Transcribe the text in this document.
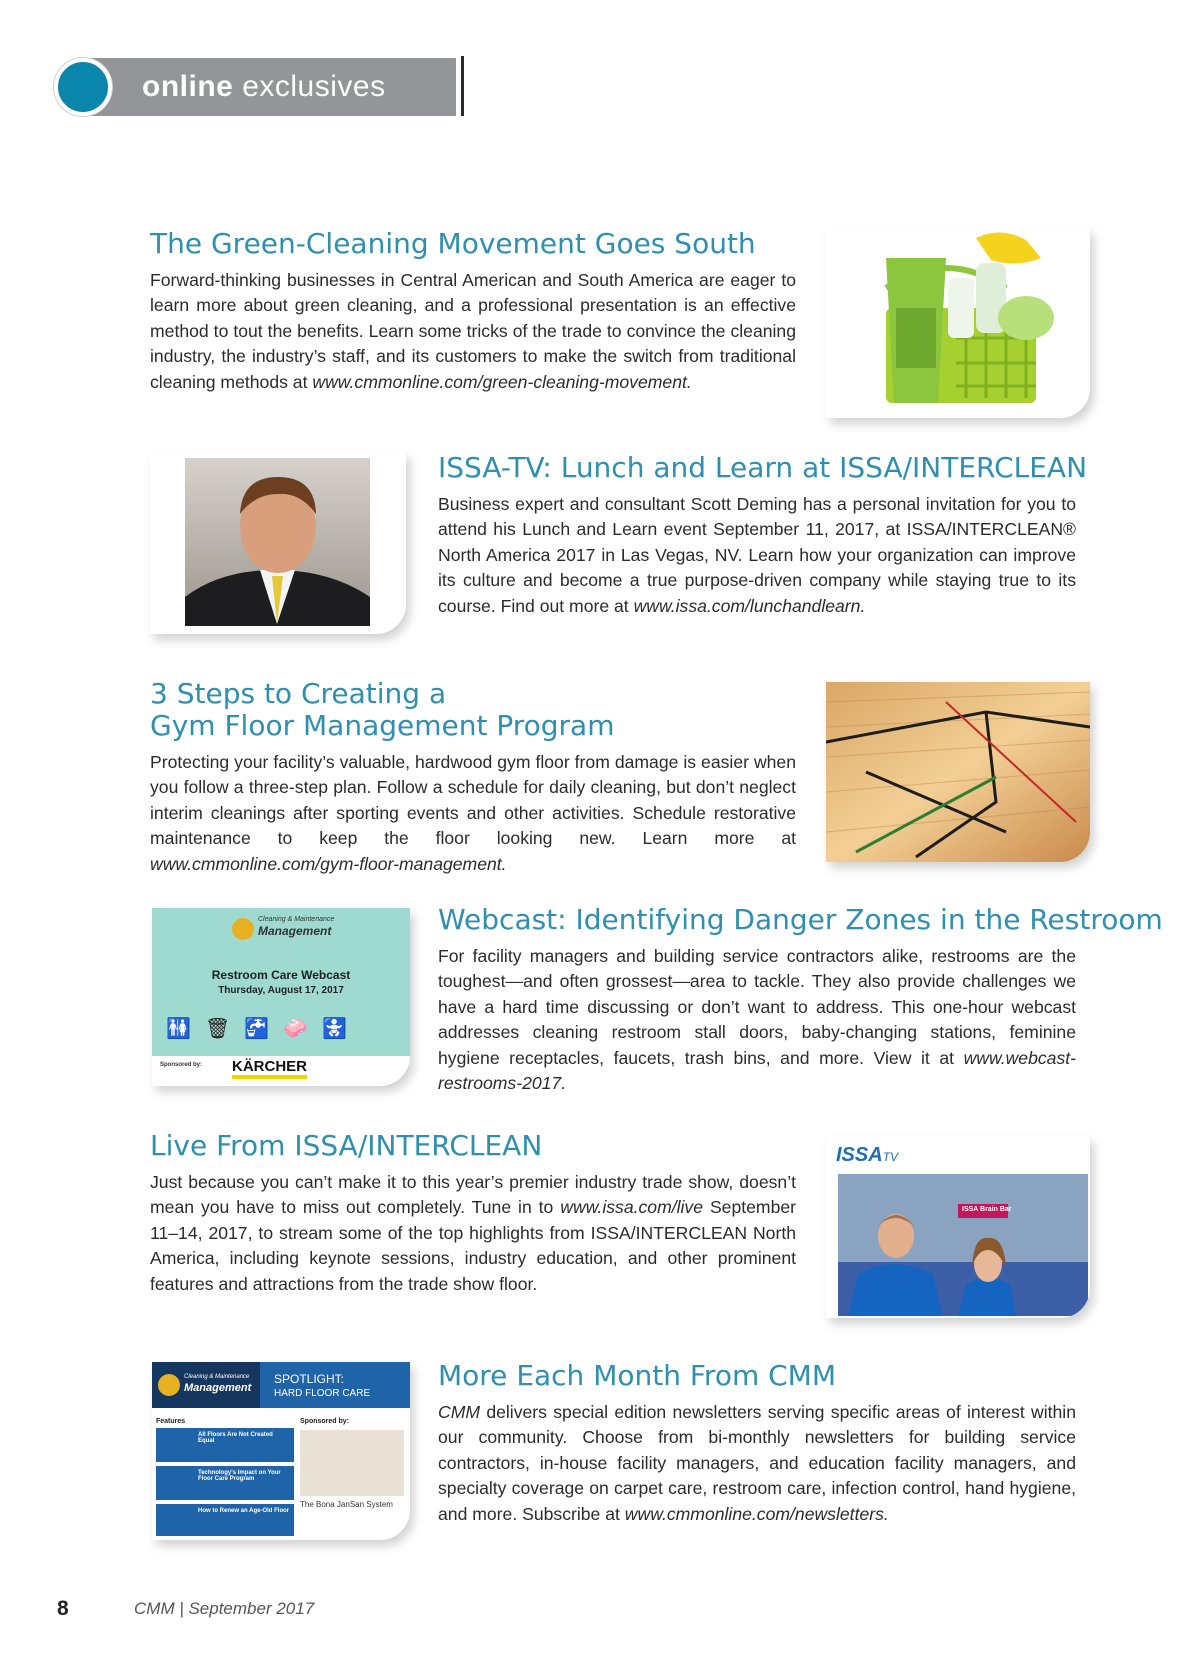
online exclusives
The Green-Cleaning Movement Goes South

Forward-thinking businesses in Central American and South America are eager to learn more about green cleaning, and a professional presentation is an effective method to tout the benefits. Learn some tricks of the trade to convince the cleaning industry, the industry’s staff, and its customers to make the switch from traditional cleaning methods at www.cmmonline.com/green-cleaning-movement.

ISSA-TV: Lunch and Learn at ISSA/INTERCLEAN

Business expert and consultant Scott Deming has a personal invitation for you to attend his Lunch and Learn event September 11, 2017, at ISSA/INTERCLEAN® North America 2017 in Las Vegas, NV. Learn how your organization can improve its culture and become a true purpose-driven company while staying true to its course. Find out more at www.issa.com/lunchandlearn.

3 Steps to Creating a
Gym Floor Management Program

Protecting your facility’s valuable, hardwood gym floor from damage is easier when you follow a three-step plan. Follow a schedule for daily cleaning, but don’t neglect interim cleanings after sporting events and other activities. Schedule restorative maintenance to keep the floor looking new. Learn more at www.cmmonline.com/gym-floor-management.

Cleaning & Maintenance
Management
Restroom Care Webcast
Thursday, August 17, 2017
🚻🗑🚰🧼🚼
Sponsored by: KÄRCHER
Webcast: Identifying Danger Zones in the Restroom

For facility managers and building service contractors alike, restrooms are the toughest—and often grossest—area to tackle. They also provide challenges we have a hard time discussing or don’t want to address. This one-hour webcast addresses cleaning restroom stall doors, baby-changing stations, feminine hygiene receptacles, faucets, trash bins, and more. View it at www.webcast-restrooms-2017.

Live From ISSA/INTERCLEAN

Just because you can’t make it to this year’s premier industry trade show, doesn’t mean you have to miss out completely. Tune in to www.issa.com/live September 11–14, 2017, to stream some of the top highlights from ISSA/INTERCLEAN North America, including keynote sessions, industry education, and other prominent features and attractions from the trade show floor.

ISSATV
ISSA Brain Bar
Cleaning & Maintenance
Management
SPOTLIGHT:
HARD FLOOR CARE
Features	Sponsored by:
All Floors Are Not Created Equal
Technology's Impact on Your Floor Care Program
How to Renew an Age-Old Floor
The Bona JanSan System
More Each Month From CMM

CMM delivers special edition newsletters serving specific areas of interest within our community. Choose from bi-monthly newsletters for building service contractors, in-house facility managers, and education facility managers, and specialty coverage on carpet care, restroom care, infection control, hand hygiene, and more. Subscribe at www.cmmonline.com/newsletters.

8	CMM | September 2017
